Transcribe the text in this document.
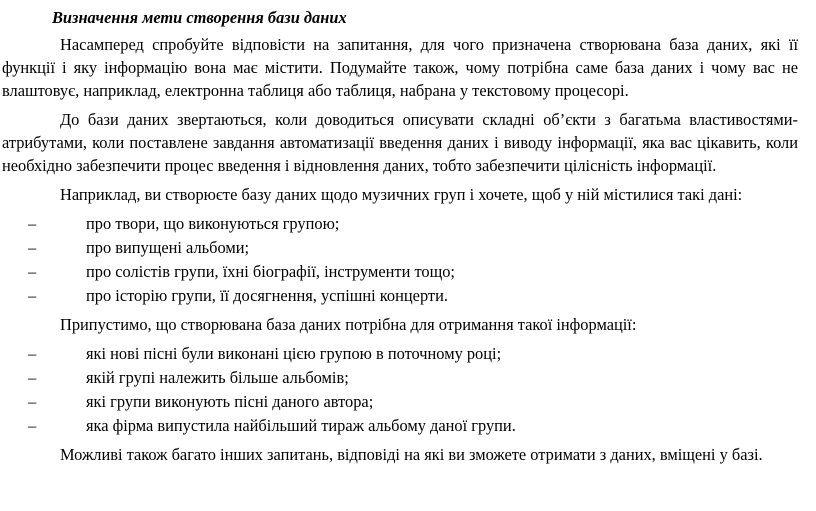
Визначення мети створення бази даних

Насамперед спробуйте відповісти на запитання, для чого призначена створювана база даних, які її функції і яку інформацію вона має містити. Подумайте також, чому потрібна саме база даних і чому вас не влаштовує, наприклад, електронна таблиця або таблиця, набрана у текстовому процесорі.

До бази даних звертаються, коли доводиться описувати складні об’єкти з багатьма властивостями-атрибутами, коли поставлене завдання автоматизації введення даних і виводу інформації, яка вас цікавить, коли необхідно забезпечити процес введення і відновлення даних, тобто забезпечити цілісність інформації.

Наприклад, ви створюєте базу даних щодо музичних груп і хочете, щоб у ній містилися такі дані:

–	про твори, що виконуються групою;
–	про випущені альбоми;
–	про солістів групи, їхні біографії, інструменти тощо;
–	про історію групи, її досягнення, успішні концерти.

Припустимо, що створювана база даних потрібна для отримання такої інформації:

–	які нові пісні були виконані цією групою в поточному році;
–	якій групі належить більше альбомів;
–	які групи виконують пісні даного автора;
–	яка фірма випустила найбільший тираж альбому даної групи.

Можливі також багато інших запитань, відповіді на які ви зможете отримати з даних, вміщені у базі.
